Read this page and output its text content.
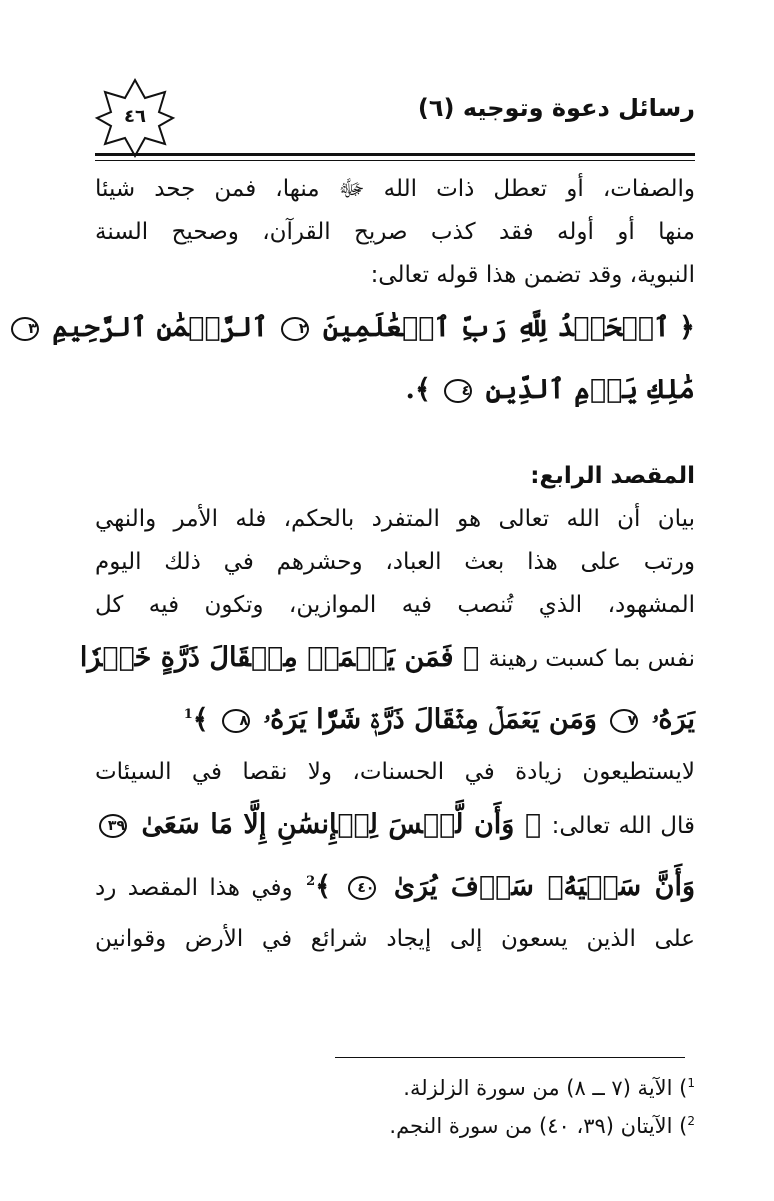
رسائل دعوة وتوجيه (٦)
٤٦
والصفات، أو تعطل ذات الله ﷻ منها، فمن جحد شيئا
منها أو أوله فقد كذب صريح القرآن، وصحيح السنة
النبوية، وقد تضمن هذا قوله تعالى:
﴿ ٱلۡحَمۡدُ لِلَّهِ رَبِّ ٱلۡعَٰلَمِينَ ٢ ٱلرَّحۡمَٰنِ ٱلرَّحِيمِ ٣
مَٰلِكِ يَوۡمِ ٱلدِّينِ ٤ ﴾.
المقصد الرابع:
بيان أن الله تعالى هو المتفرد بالحكم، فله الأمر والنهي
ورتب على هذا بعث العباد، وحشرهم في ذلك اليوم
المشهود، الذي تُنصب فيه الموازين، وتكون فيه كل
نفس بما كسبت رهينة ﴿ فَمَن يَعۡمَلۡ مِثۡقَالَ ذَرَّةٍ خَيۡرٗا
يَرَهُۥ ٧ وَمَن يَعۡمَلۡ مِثۡقَالَ ذَرَّةٖ شَرّٗا يَرَهُۥ ٨ ﴾$^1$
لايستطيعون زيادة في الحسنات، ولا نقصا في السيئات
قال الله تعالى: ﴿ وَأَن لَّيۡسَ لِلۡإِنسَٰنِ إِلَّا مَا سَعَىٰ ٣٩
وَأَنَّ سَعۡيَهُۥ سَوۡفَ يُرَىٰ ٤٠ ﴾$^2$ وفي هذا المقصد رد
على الذين يسعون إلى إيجاد شرائع في الأرض وقوانين
$^1$) الآية (٧ ــ ٨) من سورة الزلزلة.
$^2$) الآيتان (٣٩، ٤٠) من سورة النجم.
